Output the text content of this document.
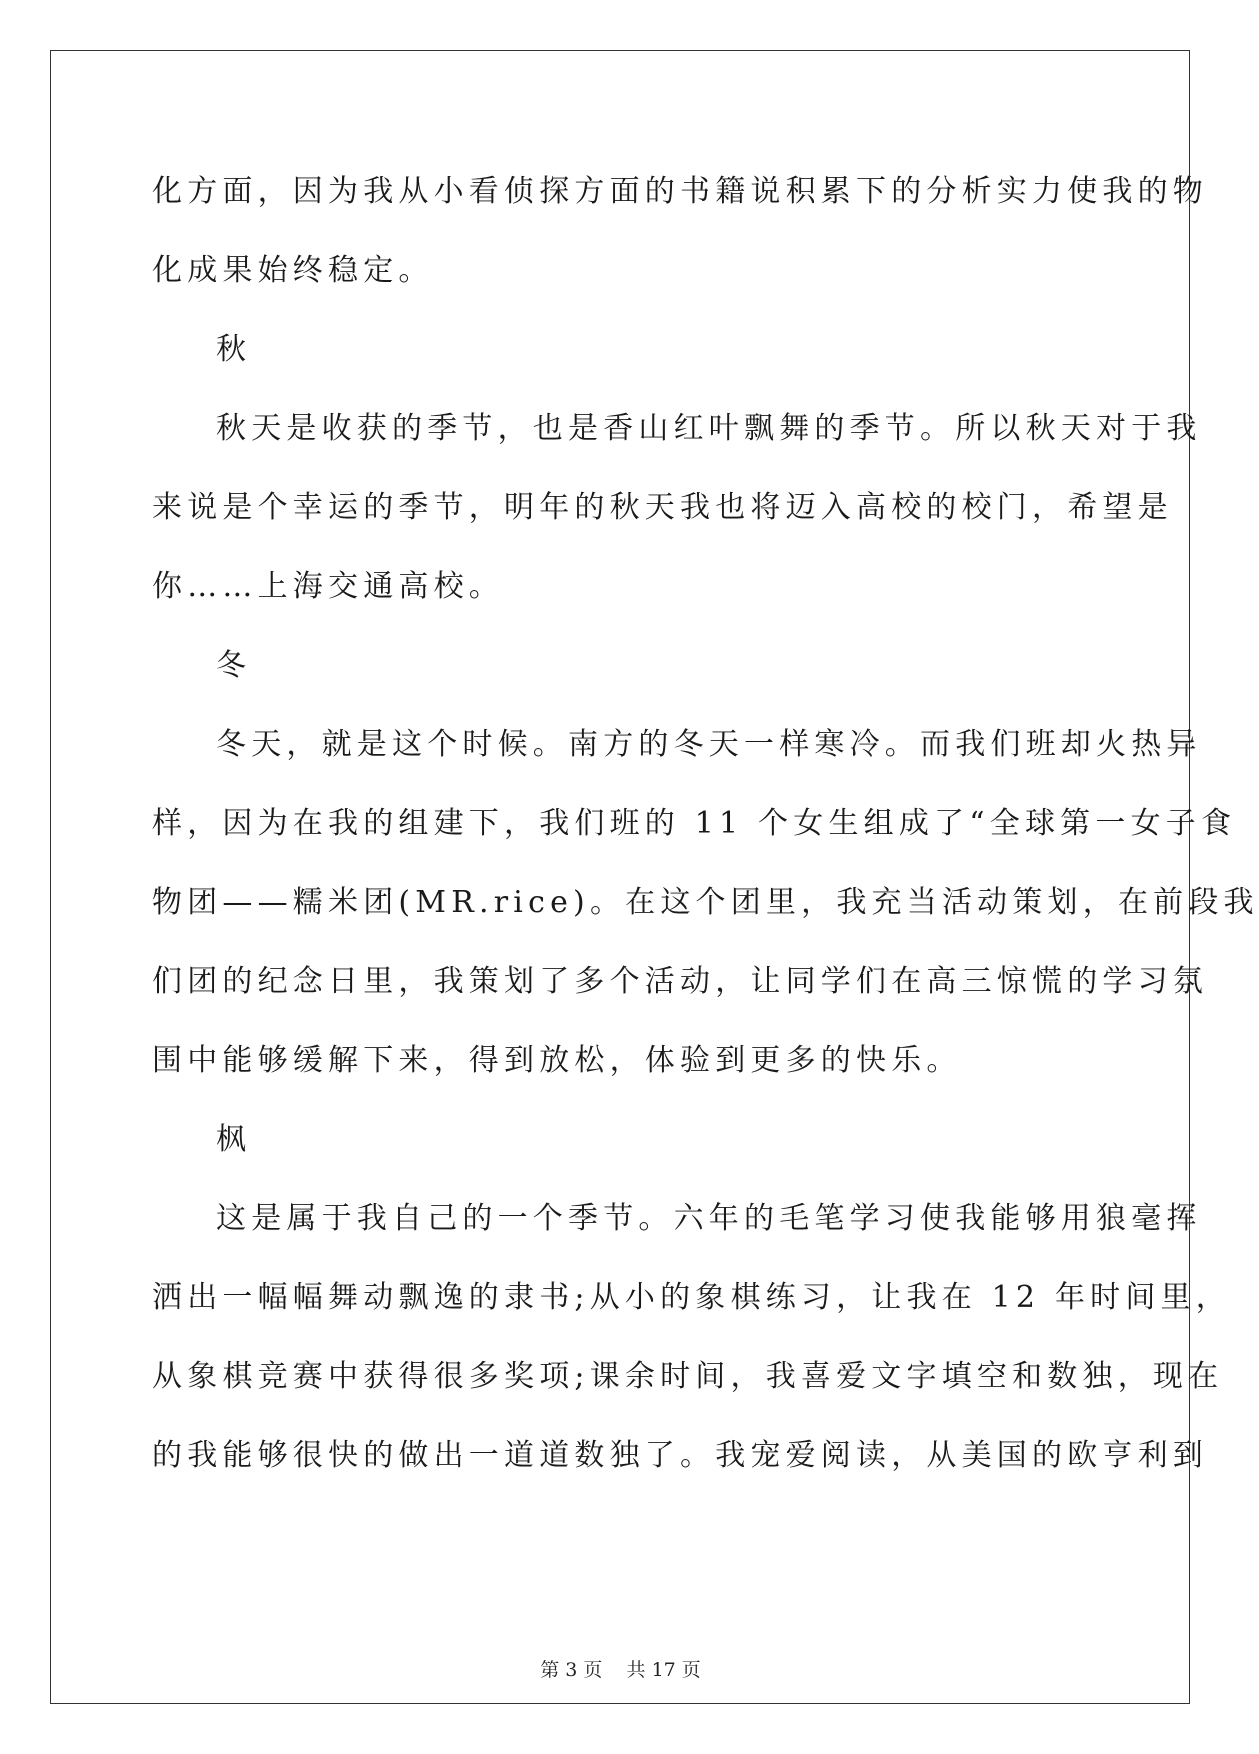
化方面，因为我从小看侦探方面的书籍说积累下的分析实力使我的物
化成果始终稳定。
秋
秋天是收获的季节，也是香山红叶飘舞的季节。所以秋天对于我
来说是个幸运的季节，明年的秋天我也将迈入高校的校门，希望是
你……上海交通高校。
冬
冬天，就是这个时候。南方的冬天一样寒冷。而我们班却火热异
样，因为在我的组建下，我们班的 11 个女生组成了“全球第一女子食
物团——糯米团(MR.rice)。在这个团里，我充当活动策划，在前段我
们团的纪念日里，我策划了多个活动，让同学们在高三惊慌的学习氛
围中能够缓解下来，得到放松，体验到更多的快乐。
枫
这是属于我自己的一个季节。六年的毛笔学习使我能够用狼毫挥
洒出一幅幅舞动飘逸的隶书;从小的象棋练习，让我在 12 年时间里，
从象棋竞赛中获得很多奖项;课余时间，我喜爱文字填空和数独，现在
的我能够很快的做出一道道数独了。我宠爱阅读，从美国的欧亨利到
第 3 页    共 17 页
